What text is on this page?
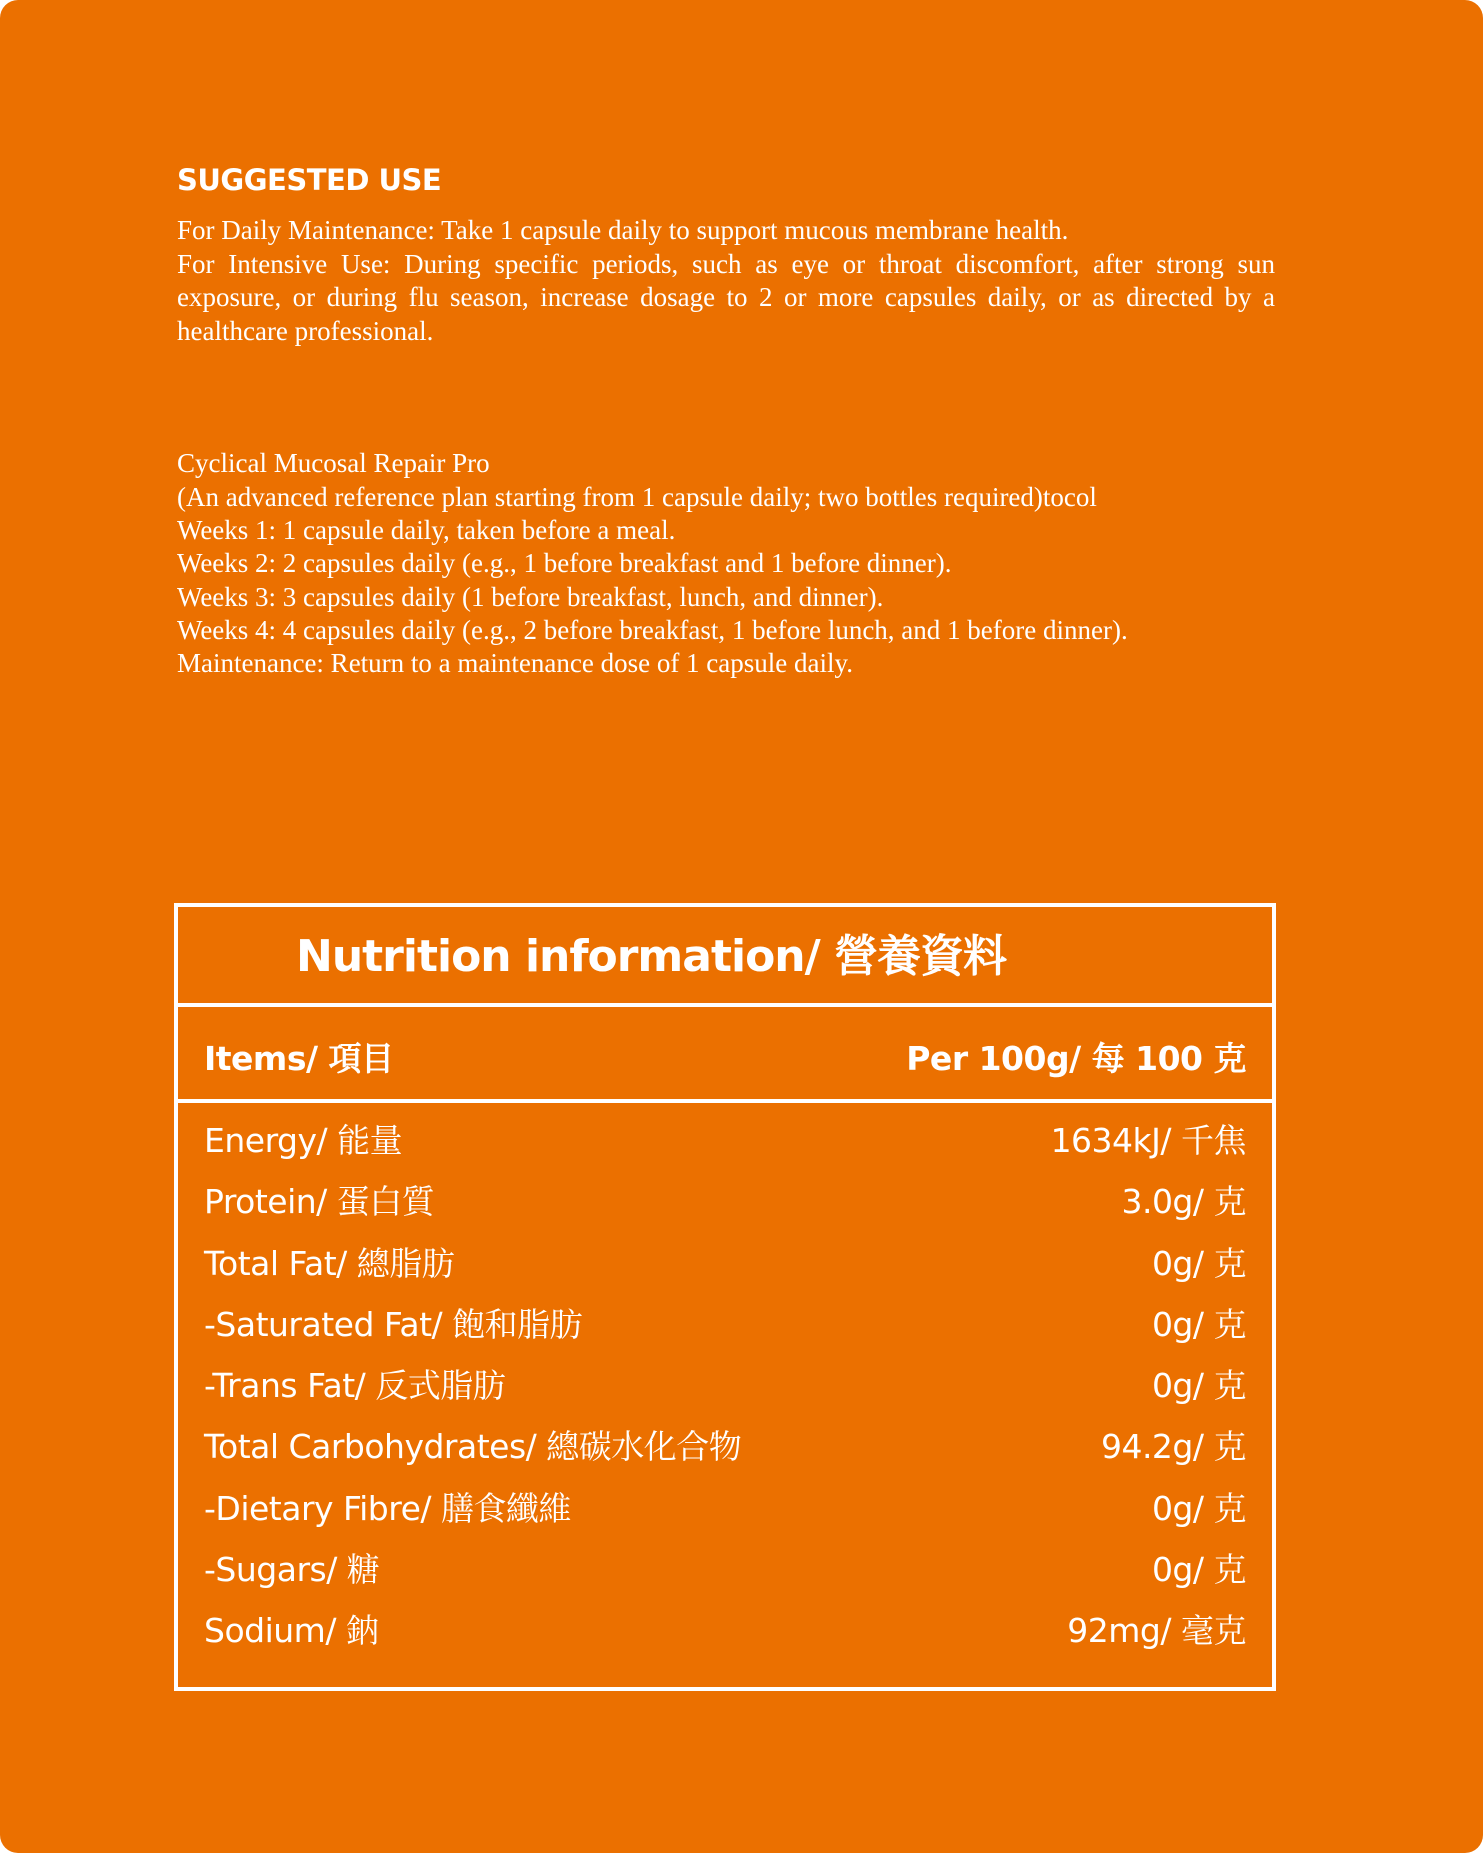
SUGGESTED USE

For Daily Maintenance: Take 1 capsule daily to support mucous membrane health.

For Intensive Use: During specific periods, such as eye or throat discomfort, after strong sun exposure, or during flu season, increase dosage to 2 or more capsules daily, or as directed by a healthcare professional.

Cyclical Mucosal Repair Pro

(An advanced reference plan starting from 1 capsule daily; two bottles required)tocol

Weeks 1: 1 capsule daily, taken before a meal.

Weeks 2: 2 capsules daily (e.g., 1 before breakfast and 1 before dinner).

Weeks 3: 3 capsules daily (1 before breakfast, lunch, and dinner).

Weeks 4: 4 capsules daily (e.g., 2 before breakfast, 1 before lunch, and 1 before dinner).

Maintenance: Return to a maintenance dose of 1 capsule daily.

Nutrition information/ 營養資料
Items/ 項目	Per 100g/ 每 100 克
Energy/ 能量	1634kJ/ 千焦
Protein/ 蛋白質	3.0g/ 克
Total Fat/ 總脂肪	0g/ 克
-Saturated Fat/ 飽和脂肪	0g/ 克
-Trans Fat/ 反式脂肪	0g/ 克
Total Carbohydrates/ 總碳水化合物	94.2g/ 克
-Dietary Fibre/ 膳食纖維	0g/ 克
-Sugars/ 糖	0g/ 克
Sodium/ 鈉	92mg/ 毫克
